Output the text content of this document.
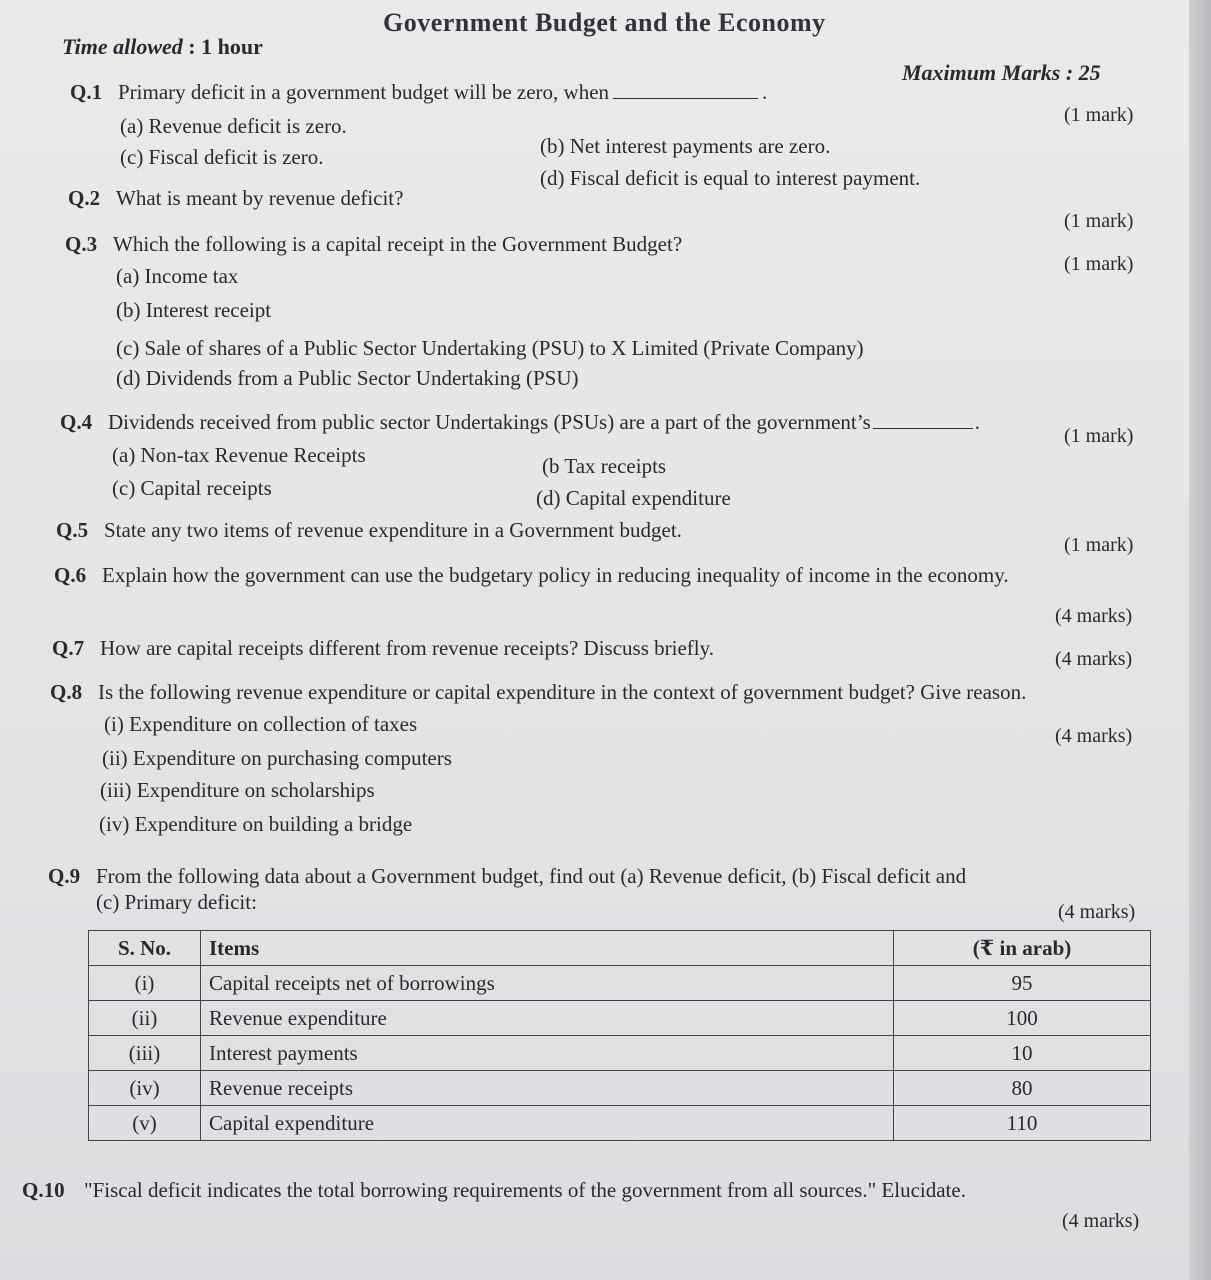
Government Budget and the Economy
Time allowed : 1 hour
Maximum Marks : 25
Q.1 Primary deficit in a government budget will be zero, when	.
(1 mark)
(a) Revenue deficit is zero.
(b) Net interest payments are zero.
(c) Fiscal deficit is zero.
(d) Fiscal deficit is equal to interest payment.
Q.2 What is meant by revenue deficit?
(1 mark)
Q.3 Which the following is a capital receipt in the Government Budget?
(1 mark)
(a) Income tax
(b) Interest receipt
(c) Sale of shares of a Public Sector Undertaking (PSU) to X Limited (Private Company)
(d) Dividends from a Public Sector Undertaking (PSU)
Q.4 Dividends received from public sector Undertakings (PSUs) are a part of the government’s	.
(1 mark)
(a) Non-tax Revenue Receipts	(b Tax receipts
(c) Capital receipts	(d) Capital expenditure
Q.5 State any two items of revenue expenditure in a Government budget.
(1 mark)
Q.6 Explain how the government can use the budgetary policy in reducing inequality of income in the economy.
(4 marks)
Q.7 How are capital receipts different from revenue receipts? Discuss briefly.	(4 marks)
Q.8 Is the following revenue expenditure or capital expenditure in the context of government budget? Give reason.
(4 marks)
(i) Expenditure on collection of taxes
(ii) Expenditure on purchasing computers
(iii) Expenditure on scholarships
(iv) Expenditure on building a bridge
Q.9 From the following data about a Government budget, find out (a) Revenue deficit, (b) Fiscal deficit and
(c) Primary deficit:	(4 marks)
S. No.	Items	(₹ in arab)
(i)	Capital receipts net of borrowings	95
(ii)	Revenue expenditure	100
(iii)	Interest payments	10
(iv)	Revenue receipts	80
(v)	Capital expenditure	110
Q.10 "Fiscal deficit indicates the total borrowing requirements of the government from all sources." Elucidate.
(4 marks)
